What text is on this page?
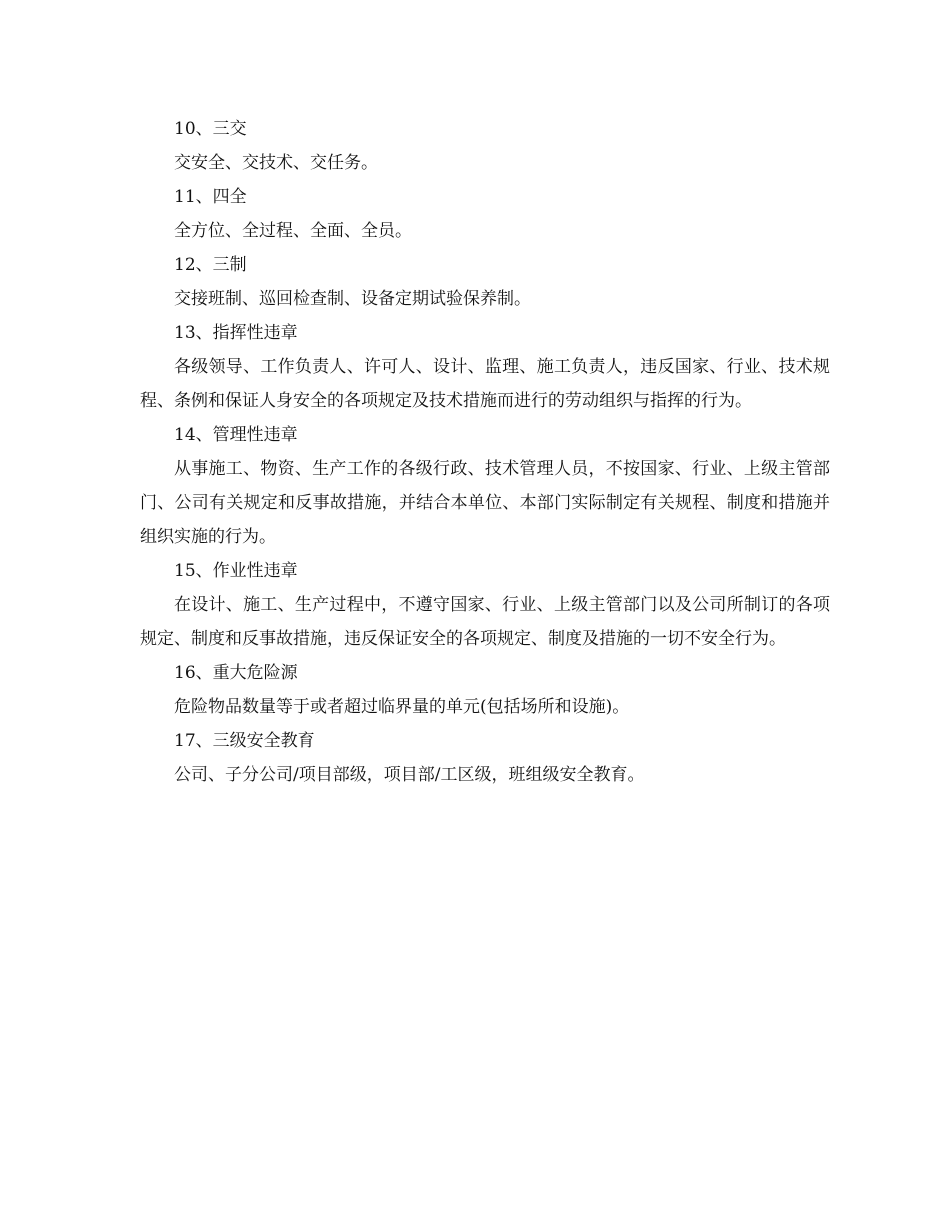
10、三交

交安全、交技术、交任务。

11、四全

全方位、全过程、全面、全员。

12、三制

交接班制、巡回检查制、设备定期试验保养制。

13、指挥性违章

各级领导、工作负责人、许可人、设计、监理、施工负责人，违反国家、行业、技术规程、条例和保证人身安全的各项规定及技术措施而进行的劳动组织与指挥的行为。

14、管理性违章

从事施工、物资、生产工作的各级行政、技术管理人员，不按国家、行业、上级主管部门、公司有关规定和反事故措施，并结合本单位、本部门实际制定有关规程、制度和措施并组织实施的行为。

15、作业性违章

在设计、施工、生产过程中，不遵守国家、行业、上级主管部门以及公司所制订的各项规定、制度和反事故措施，违反保证安全的各项规定、制度及措施的一切不安全行为。

16、重大危险源

危险物品数量等于或者超过临界量的单元(包括场所和设施)。

17、三级安全教育

公司、子分公司/项目部级，项目部/工区级，班组级安全教育。
